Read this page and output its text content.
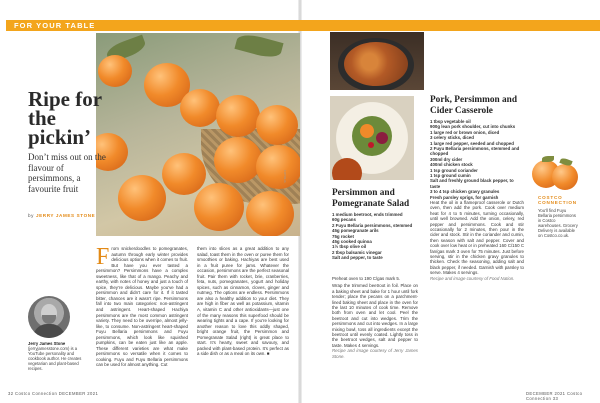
FOR YOUR TABLE
FOTOLIA
Ripe for the pickin’
Don’t miss out on the flavour of persimmons, a favourite fruit
by JERRY JAMES STONE
Jerry James Stone (jerryjamesstone.com) is a YouTube personality and cookbook author. He creates vegetarian and plant-based recipes.
From snickerdoodles to pomegranates, autumn through early winter provides delicious options when it comes to fruit. But have you ever tasted a persimmon? Persimmons have a complex sweetness, like that of a mango. Peachy and earthy, with notes of honey and just a touch of spice, they’re delicious. Maybe you’ve had a persimmon and didn’t care for it. If it tasted bitter, chances are it wasn’t ripe. Persimmons fall into two main categories: non-astringent and astringent. Heart-shaped Hachiya persimmons are the most common astringent variety. They need to be overripe, almost jelly-like, to consume. Non-astringent heart-shaped Fuyu Bellaria persimmons and Fuyu persimmons, which look like squished pumpkins, can be eaten just like an apple. These different varieties are what make persimmons so versatile when it comes to cooking. Fuyu and Fuyu Bellaria persimmons can be used for almost anything. Cut
them into slices as a great addition to any salad, toast them in the oven or puree them for smoothies or baking. Hachiyas are best used in a fruit puree for jams. Whatever the occasion, persimmons are the perfect seasonal fruit. Pair them with rocket, brie, cranberries, feta, nuts, pomegranates, yogurt and holiday spices, such as cinnamon, cloves, ginger and nutmeg. The options are endless. Persimmons are also a healthy addition to your diet. They are high in fiber as well as potassium, vitamin A, vitamin C and other antioxidants—just one of the many reasons this superfood should be wearing tights and a cape. If you’re looking for another reason to love this oddly shaped, bright orange fruit, the Persimmon and Pomegranate Salad (right) is great place to start. It’s hearty, sweet and savoury, and packed with plant-based protein. It’s perfect as a side dish or as a meal on its own. ■
32 Costco Connection DECEMBER 2021
Persimmon and Pomegranate Salad
1 medium beetroot, ends trimmed
60g pecans
2 Fuyu Bellaria persimmons, stemmed
45g pomegranate arils
75g rocket
45g cooked quinoa
1½ tbsp olive oil
2 tbsp balsamic vinegar
Salt and pepper, to taste
Preheat oven to 190 C/gas mark 5.
Wrap the trimmed beetroot in foil. Place on a baking sheet and bake for 1 hour until fork tender; place the pecans on a parchment-lined baking sheet and place in the oven for the last 10 minutes of cook time. Remove both from oven and let cool. Peel the beetroot and cut into wedges. Trim the persimmons and cut into wedges. In a large mixing bowl, toss all ingredients except the beetroot until evenly coated. Lightly toss in the beetroot wedges, salt and pepper to taste. Makes 4 servings.
Recipe and image courtesy of Jerry James Stone.
Pork, Persimmon and Cider Casserole
1 tbsp vegetable oil
900g lean pork shoulder, cut into chunks
1 large red or brown onion, diced
3 celery sticks, diced
1 large red pepper, seeded and chopped
2 Fuyu Bellaria persimmons, stemmed and chopped
300ml dry cider
400ml chicken stock
1 tsp ground coriander
1 tsp ground cumin
Salt and freshly ground black pepper, to taste
3 to 4 tsp chicken gravy granules
Fresh parsley sprigs, for garnish
Heat the oil in a flameproof casserole or Dutch oven, then add the pork. Cook over medium heat for 4 to 5 minutes, turning occasionally, until well browned. Add the onion, celery, red pepper and persimmons. Cook and stir occasionally for 2 minutes, then pour in the cider and stock. Stir in the coriander and cumin, then season with salt and pepper. Cover and cook over low heat or in preheated 160 C/150 C fan/gas mark 3 oven for 75 minutes. Just before serving, stir in the chicken gravy granules to thicken. Check the seasoning, adding salt and black pepper, if needed. Garnish with parsley to serve. Makes 4 servings.
Recipe and image courtesy of Food Nation.
COSTCO CONNECTION
You’ll find Fuyu Bellaria persimmons in Costco warehouses. Grocery Delivery is available on Costco.co.uk.
DECEMBER 2021 Costco Connection 33
